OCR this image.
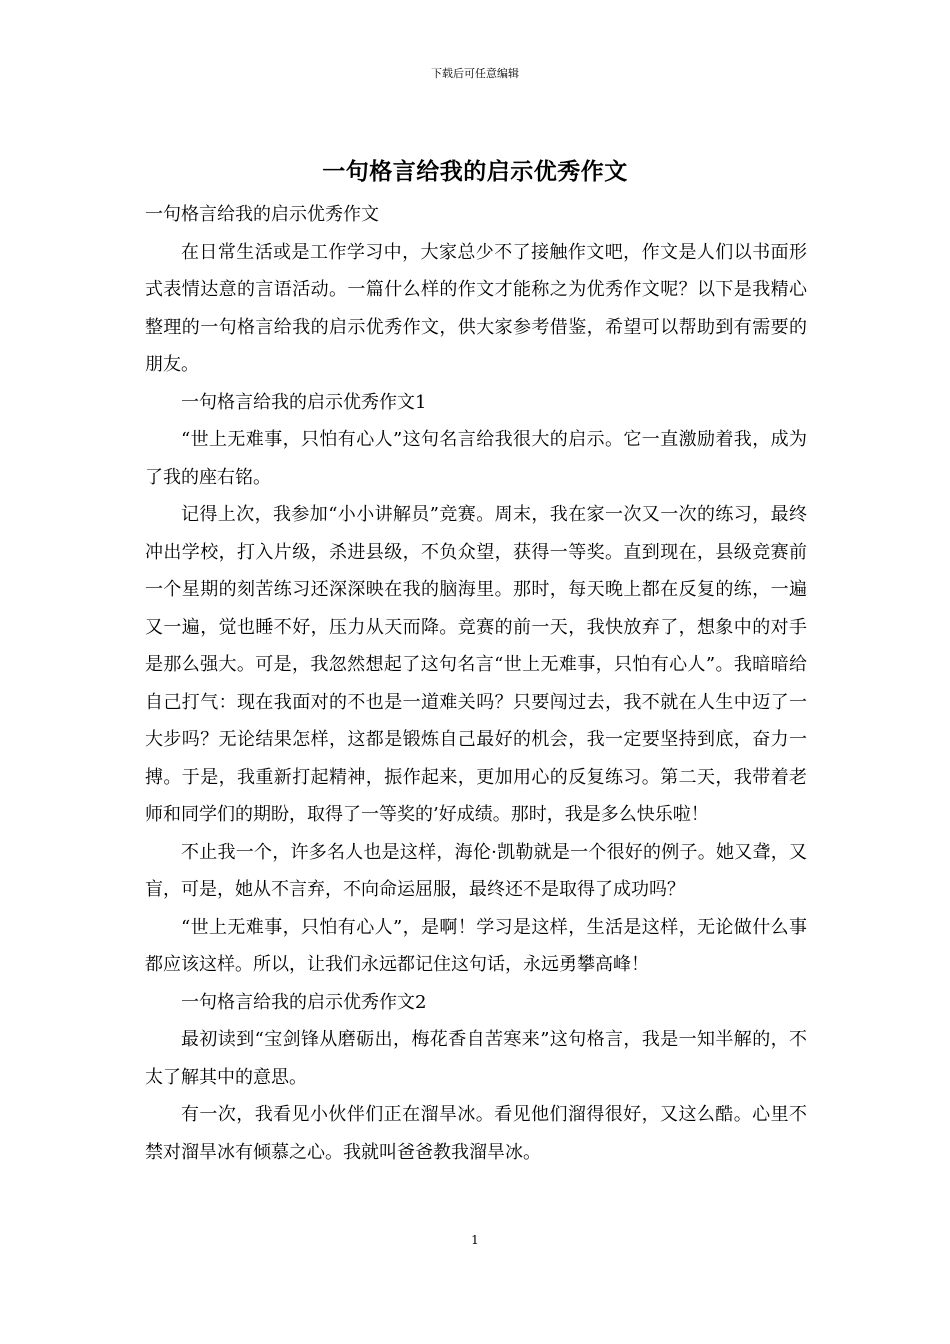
下载后可任意编辑
一句格言给我的启示优秀作文

一句格言给我的启示优秀作文

在日常生活或是工作学习中，大家总少不了接触作文吧，作文是人们以书面形式表情达意的言语活动。一篇什么样的作文才能称之为优秀作文呢？以下是我精心整理的一句格言给我的启示优秀作文，供大家参考借鉴，希望可以帮助到有需要的朋友。

一句格言给我的启示优秀作文1

“世上无难事，只怕有心人”这句名言给我很大的启示。它一直激励着我，成为了我的座右铭。

记得上次，我参加“小小讲解员”竞赛。周末，我在家一次又一次的练习，最终冲出学校，打入片级，杀进县级，不负众望，获得一等奖。直到现在，县级竞赛前一个星期的刻苦练习还深深映在我的脑海里。那时，每天晚上都在反复的练，一遍又一遍，觉也睡不好，压力从天而降。竞赛的前一天，我快放弃了，想象中的对手是那么强大。可是，我忽然想起了这句名言“世上无难事，只怕有心人”。我暗暗给自己打气：现在我面对的不也是一道难关吗？只要闯过去，我不就在人生中迈了一大步吗？无论结果怎样，这都是锻炼自己最好的机会，我一定要坚持到底，奋力一搏。于是，我重新打起精神，振作起来，更加用心的反复练习。第二天，我带着老师和同学们的期盼，取得了一等奖的’好成绩。那时，我是多么快乐啦！

不止我一个，许多名人也是这样，海伦·凯勒就是一个很好的例子。她又聋，又盲，可是，她从不言弃，不向命运屈服，最终还不是取得了成功吗？

“世上无难事，只怕有心人”，是啊！学习是这样，生活是这样，无论做什么事都应该这样。所以，让我们永远都记住这句话，永远勇攀高峰！

一句格言给我的启示优秀作文2

最初读到“宝剑锋从磨砺出，梅花香自苦寒来”这句格言，我是一知半解的，不太了解其中的意思。

有一次，我看见小伙伴们正在溜旱冰。看见他们溜得很好，又这么酷。心里不禁对溜旱冰有倾慕之心。我就叫爸爸教我溜旱冰。

1
